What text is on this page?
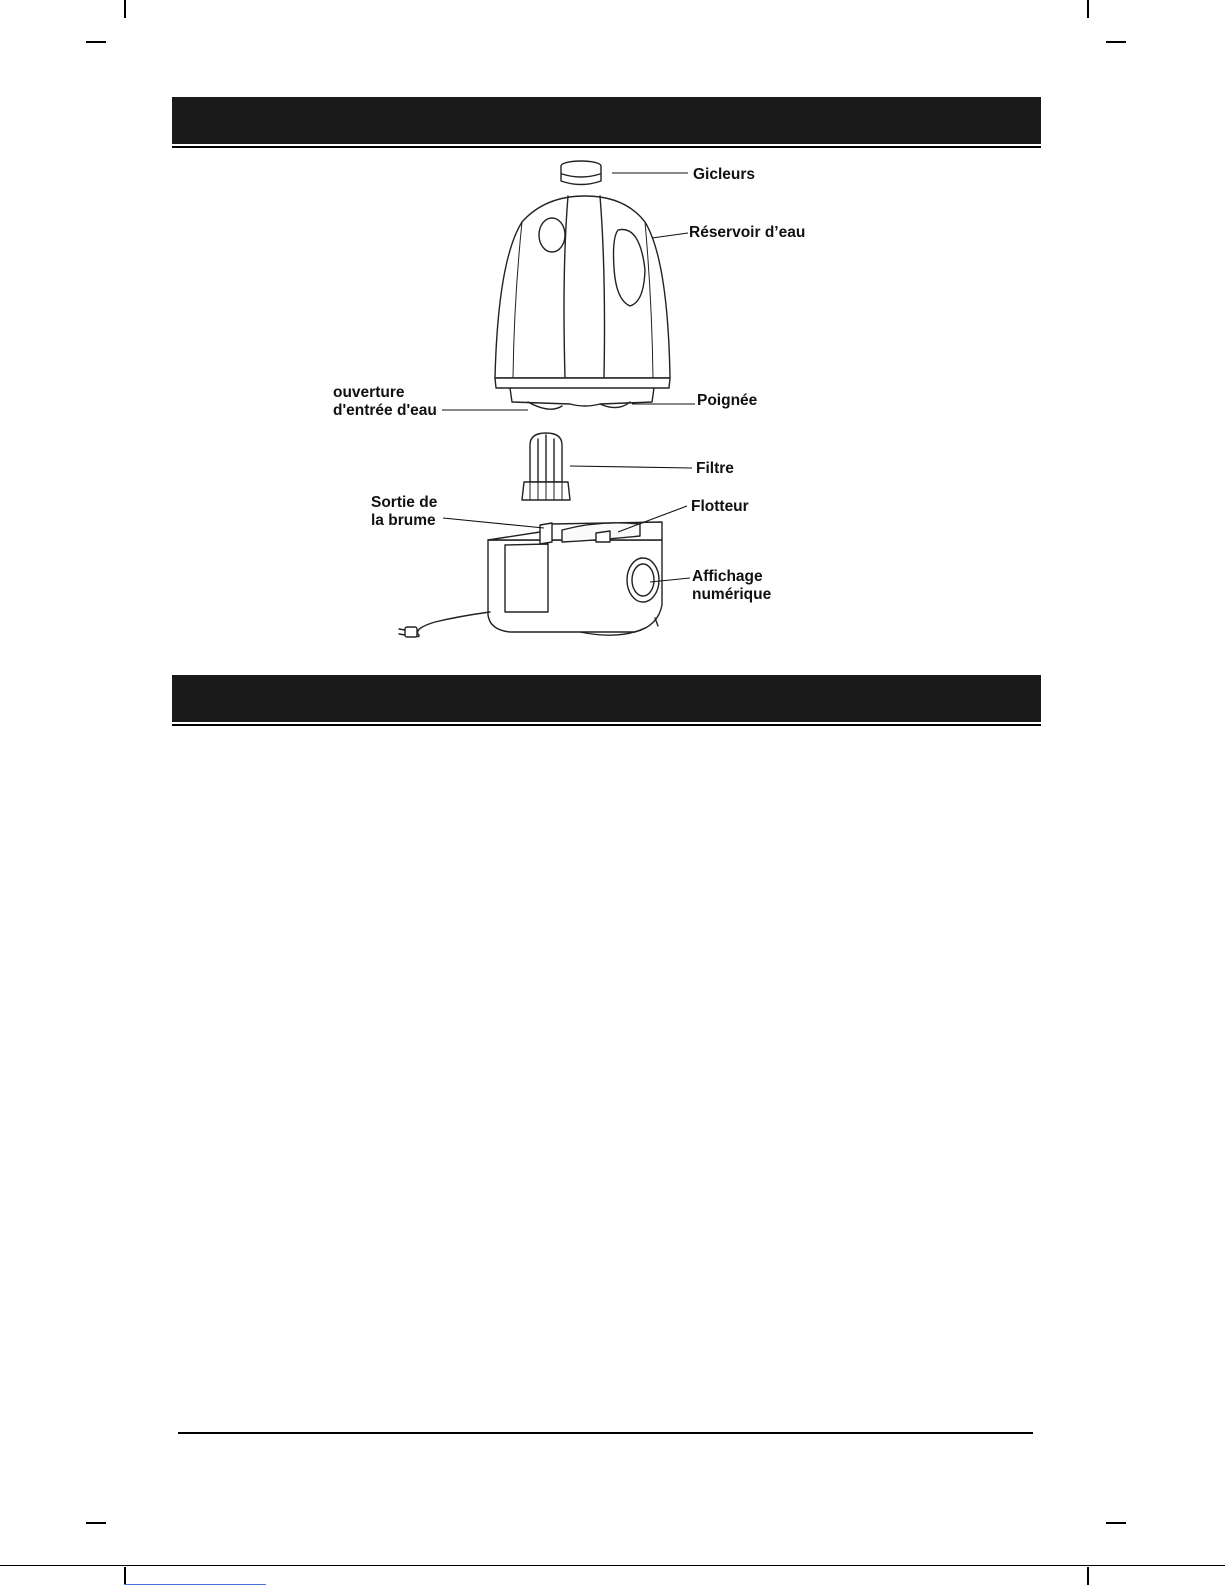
Gicleurs
Réservoir d’eau
ouverture
d'entrée d'eau
Poignée
Filtre
Sortie de
la brume
Flotteur
Affichage
numérique
